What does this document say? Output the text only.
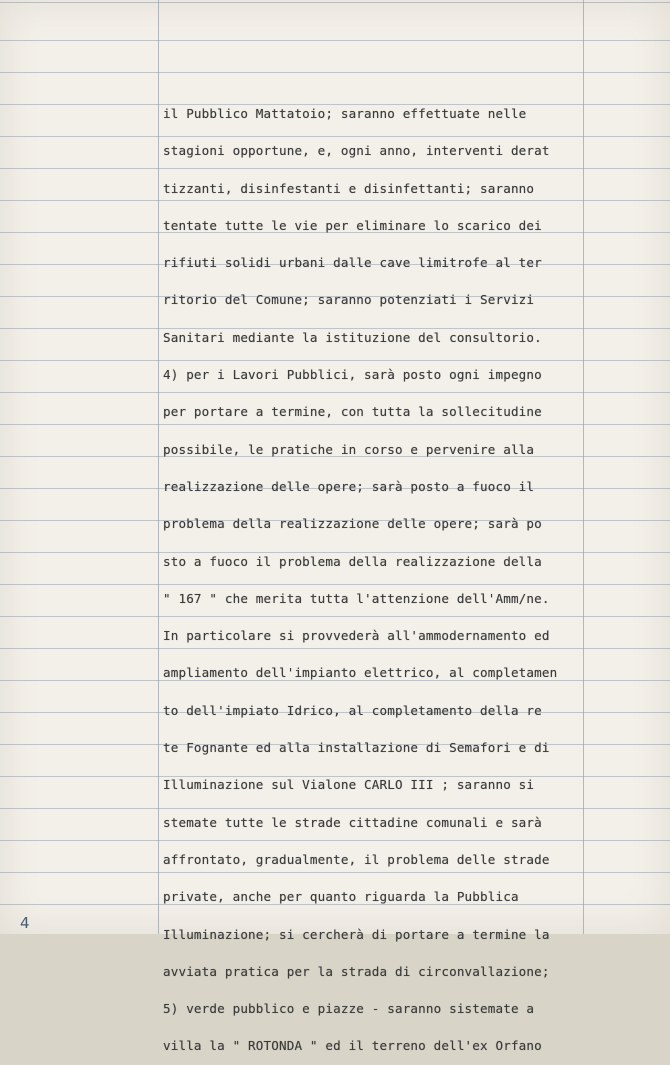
il Pubblico Mattatoio; saranno effettuate nelle
stagioni opportune, e, ogni anno, interventi derat
tizzanti, disinfestanti e disinfettanti; saranno
tentate tutte le vie per eliminare lo scarico dei
rifiuti solidi urbani dalle cave limitrofe al ter
ritorio del Comune; saranno potenziati i Servizi
Sanitari mediante la istituzione del consultorio.
4) per i Lavori Pubblici, sarà posto ogni impegno
per portare a termine, con tutta la sollecitudine
possibile, le pratiche in corso e pervenire alla
realizzazione delle opere; sarà posto a fuoco il
problema della realizzazione delle opere; sarà po
sto a fuoco il problema della realizzazione della
" 167 " che merita tutta l'attenzione dell'Amm/ne.
In particolare si provvederà all'ammodernamento ed
ampliamento dell'impianto elettrico, al completamen
to dell'impiato Idrico, al completamento della re
te Fognante ed alla installazione di Semafori e di
Illuminazione sul Vialone CARLO III ; saranno si
stemate tutte le strade cittadine comunali e sarà
affrontato, gradualmente, il problema delle strade
private, anche per quanto riguarda la Pubblica
Illuminazione; si cercherà di portare a termine la
avviata pratica per la strada di circonvallazione;
5) verde pubblico e piazze - saranno sistemate a
villa la " ROTONDA " ed il terreno dell'ex Orfano
4
